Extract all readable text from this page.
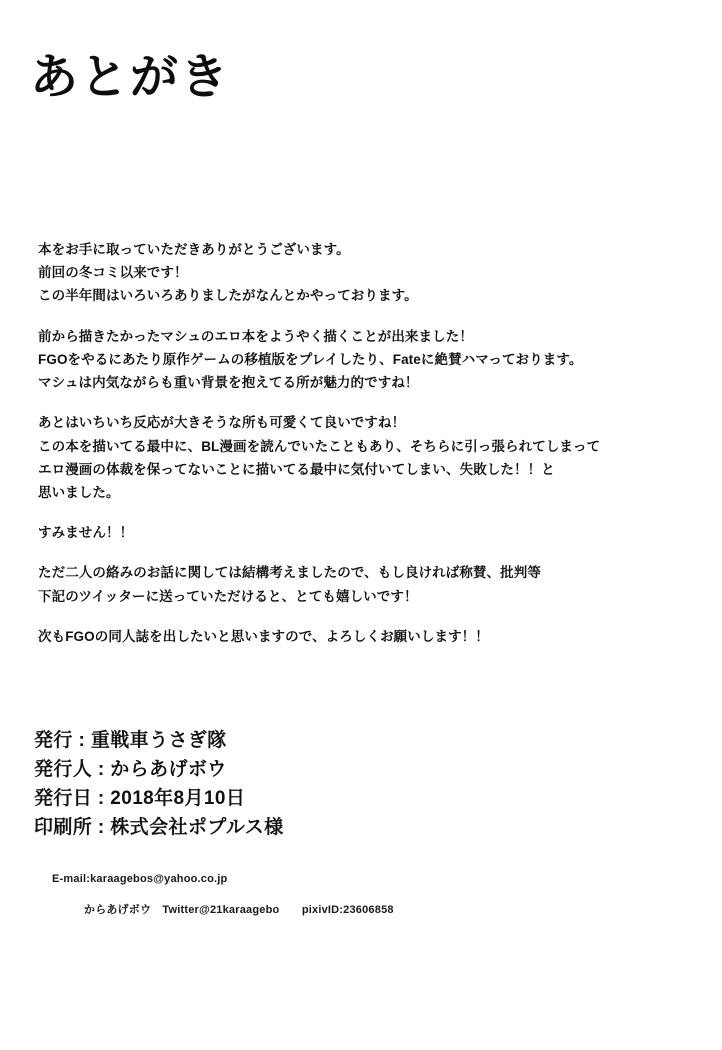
あとがき

本をお手に取っていただきありがとうございます。
前回の冬コミ以来です！
この半年間はいろいろありましたがなんとかやっております。

前から描きたかったマシュのエロ本をようやく描くことが出来ました！
FGOをやるにあたり原作ゲームの移植版をプレイしたり、Fateに絶賛ハマっております。
マシュは内気ながらも重い背景を抱えてる所が魅力的ですね！

あとはいちいち反応が大きそうな所も可愛くて良いですね！
この本を描いてる最中に、BL漫画を読んでいたこともあり、そちらに引っ張られてしまって
エロ漫画の体裁を保ってないことに描いてる最中に気付いてしまい、失敗した！！と
思いました。

すみません！！

ただ二人の絡みのお話に関しては結構考えましたので、もし良ければ称賛、批判等
下記のツイッターに送っていただけると、とても嬉しいです！

次もFGOの同人誌を出したいと思いますので、よろしくお願いします！！

発行 : 重戦車うさぎ隊
発行人 : からあげボウ
発行日 : 2018年8月10日
印刷所 : 株式会社ポプルス様
E-mail:karaagebos@yahoo.co.jp
からあげボウ　Twitter@21karaagebo　　pixivID:23606858
